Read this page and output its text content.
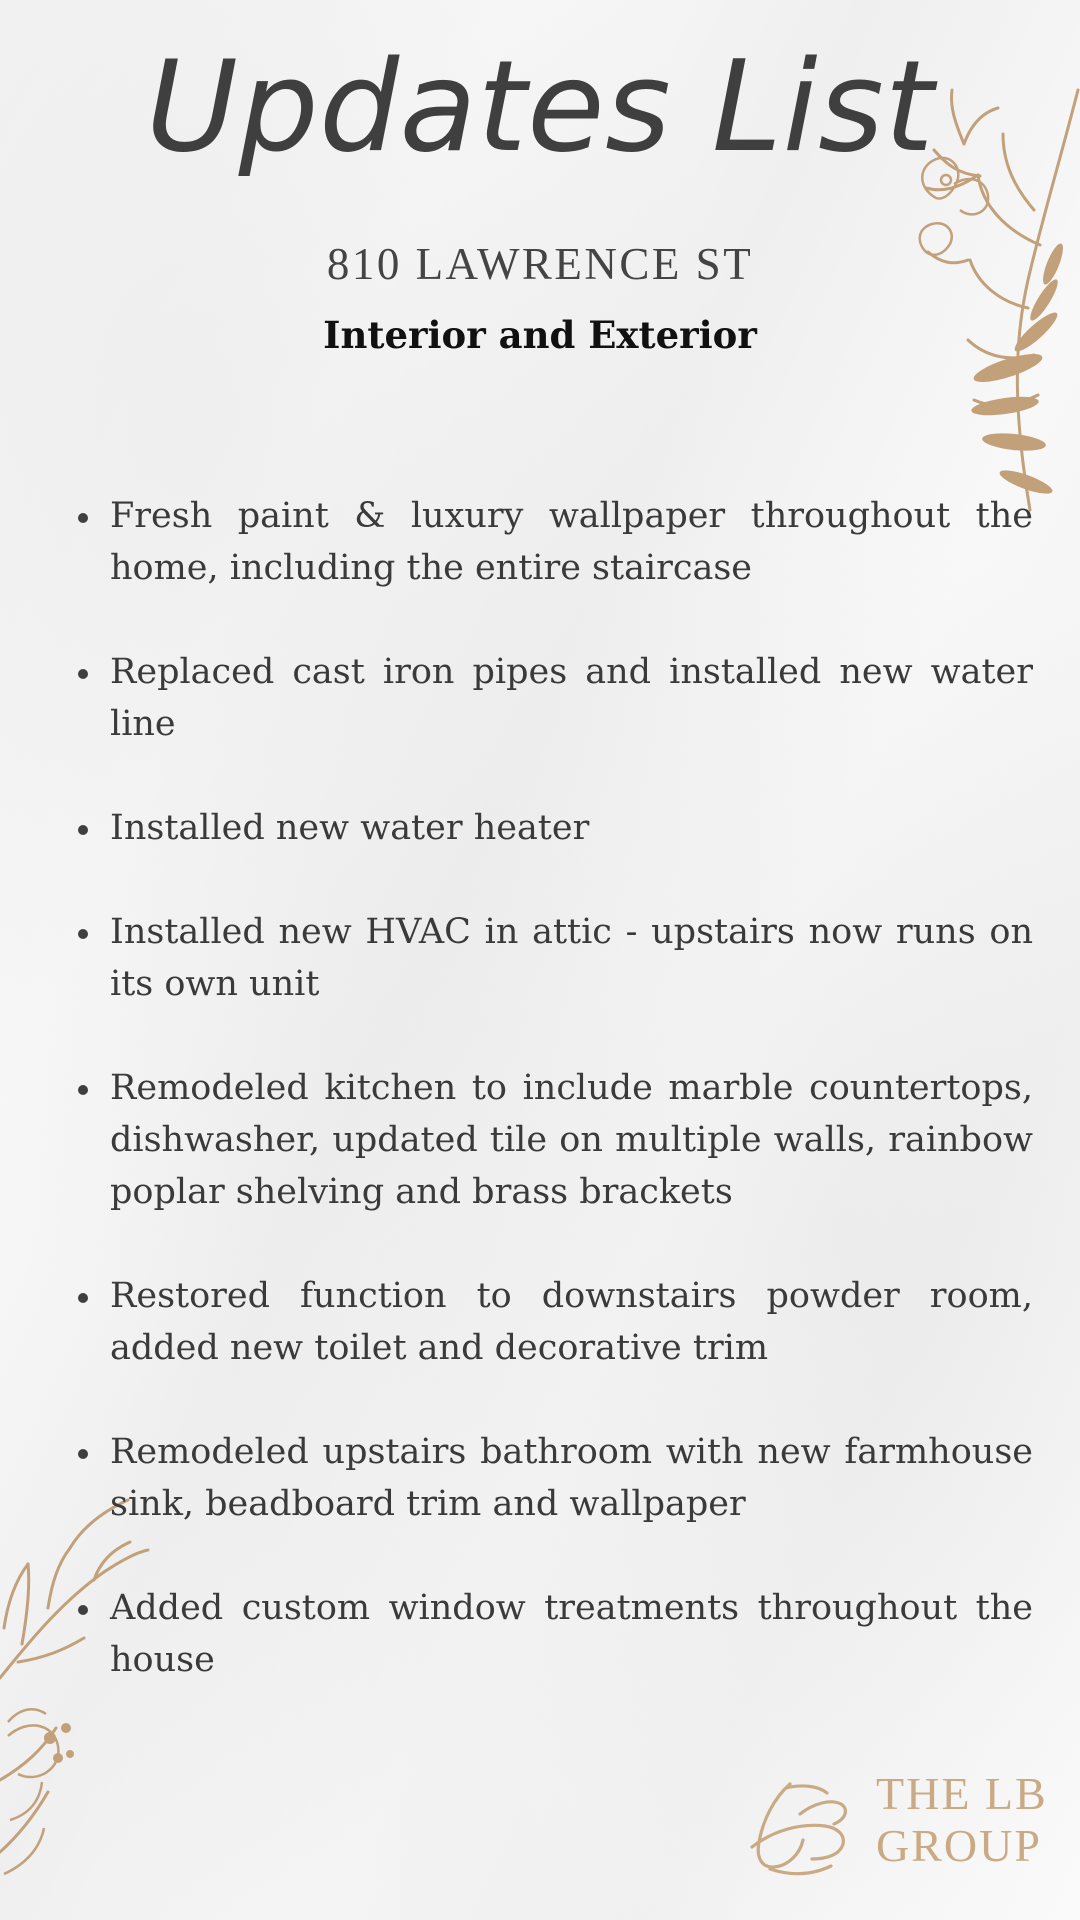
Updates List
810 LAWRENCE ST
Interior and Exterior
Fresh paint & luxury wallpaper throughout the home, including the entire staircase
Replaced cast iron pipes and installed new water line
Installed new water heater
Installed new HVAC in attic - upstairs now runs on its own unit
Remodeled kitchen to include marble countertops, dishwasher, updated tile on multiple walls, rainbow poplar shelving and brass brackets
Restored function to downstairs powder room, added new toilet and decorative trim
Remodeled upstairs bathroom with new farmhouse sink, beadboard trim and wallpaper
Added custom window treatments throughout the house
THE LB
GROUP
